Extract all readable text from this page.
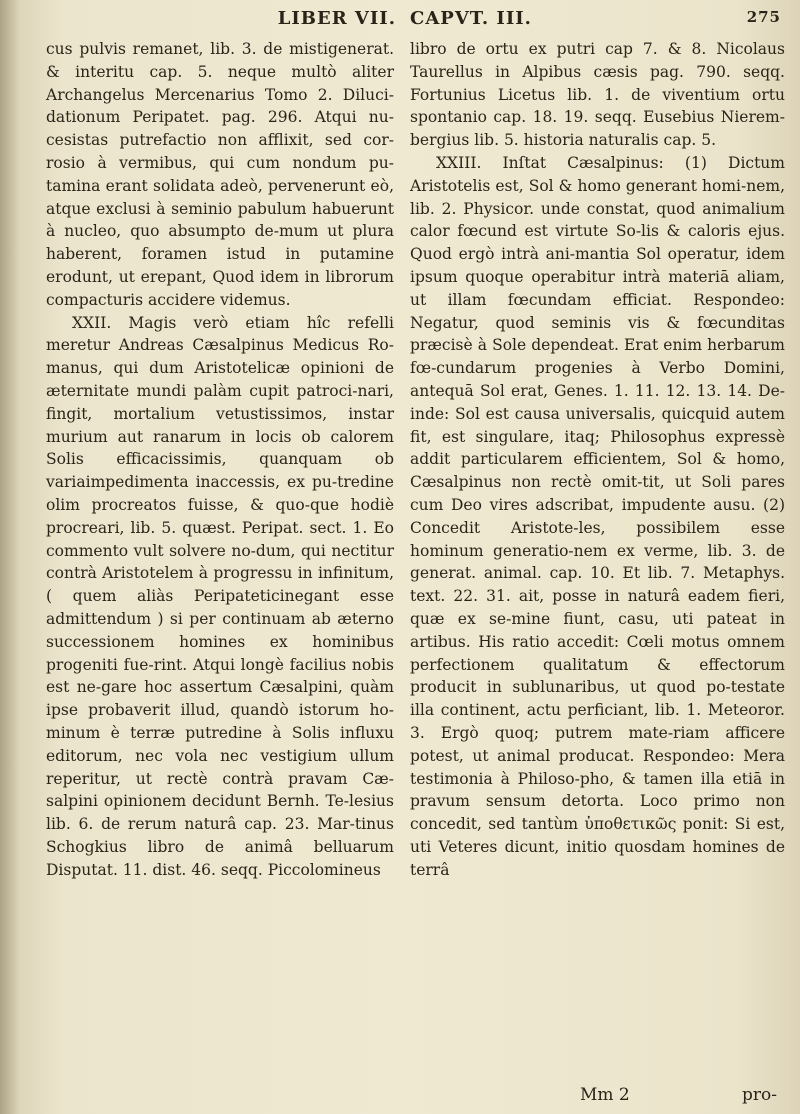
LIBER VII. CAPVT. III.	275

cus pulvis remanet, lib. 3. de mistigenerat. & interitu cap. 5. neque multò aliter Archangelus Mercenarius Tomo 2. Diluci-dationum Peripatet. pag. 296. Atqui nu-cesistas putrefactio non afflixit, sed cor-rosio à vermibus, qui cum nondum pu-tamina erant solidata adeò, pervenerunt eò, atque exclusi à seminio pabulum habuerunt à nucleo, quo absumpto de-mum ut plura haberent, foramen istud in putamine erodunt, ut erepant, Quod idem in librorum compacturis accidere videmus.

XXII. Magis verò etiam hîc refelli meretur Andreas Cæsalpinus Medicus Ro-manus, qui dum Aristotelicæ opinioni de æternitate mundi palàm cupit patroci-nari, fingit, mortalium vetustissimos, instar murium aut ranarum in locis ob calorem Solis efficacissimis, quanquam ob variaimpedimenta inaccessis, ex pu-tredine olim procreatos fuisse, & quo-que hodiè procreari, lib. 5. quæst. Peripat. sect. 1. Eo commento vult solvere no-dum, qui nectitur contrà Aristotelem à progressu in infinitum, ( quem aliàs Peripateticinegant esse admittendum ) si per continuam ab æterno successionem homines ex hominibus progeniti fue-rint. Atqui longè facilius nobis est ne-gare hoc assertum Cæsalpini, quàm ipse probaverit illud, quandò istorum ho-minum è terræ putredine à Solis influxu editorum, nec vola nec vestigium ullum reperitur, ut rectè contrà pravam Cæ-salpini opinionem decidunt Bernh. Te-lesius lib. 6. de rerum naturâ cap. 23. Mar-tinus Schogkius libro de animâ belluarum Disputat. 11. dist. 46. seqq. Piccolomineus

libro de ortu ex putri cap 7. & 8. Nicolaus Taurellus in Alpibus cæsis pag. 790. seqq. Fortunius Licetus lib. 1. de viventium ortu spontanio cap. 18. 19. seqq. Eusebius Nierem-bergius lib. 5. historia naturalis cap. 5.

XXIII. Inſtat Cæsalpinus: (1) Dictum Aristotelis est, Sol & homo generant homi-nem, lib. 2. Physicor. unde constat, quod animalium calor fœcund est virtute So-lis & caloris ejus. Quod ergò intrà ani-mantia Sol operatur, idem ipsum quoque operabitur intrà materiā aliam, ut illam fœcundam efficiat. Respondeo: Negatur, quod seminis vis & fœcunditas præcisè à Sole dependeat. Erat enim herbarum fœ-cundarum progenies à Verbo Domini, antequā Sol erat, Genes. 1. 11. 12. 13. 14. De-inde: Sol est causa universalis, quicquid autem fit, est singulare, itaq; Philosophus expressè addit particularem efficientem, Sol & homo, Cæsalpinus non rectè omit-tit, ut Soli pares cum Deo vires adscribat, impudente ausu. (2) Concedit Aristote-les, possibilem esse hominum generatio-nem ex verme, lib. 3. de generat. animal. cap. 10. Et lib. 7. Metaphys. text. 22. 31. ait, posse in naturâ eadem fieri, quæ ex se-mine fiunt, casu, uti pateat in artibus. His ratio accedit: Cœli motus omnem perfectionem qualitatum & effectorum producit in sublunaribus, ut quod po-testate illa continent, actu perficiant, lib. 1. Meteoror. 3. Ergò quoq; putrem mate-riam afficere potest, ut animal producat. Respondeo: Mera testimonia à Philoso-pho, & tamen illa etiā in pravum sensum detorta. Loco primo non concedit, sed tantùm ὑποθετικῶς ponit: Si est, uti Veteres dicunt, initio quosdam homines de terrâ

Mm 2	pro-
